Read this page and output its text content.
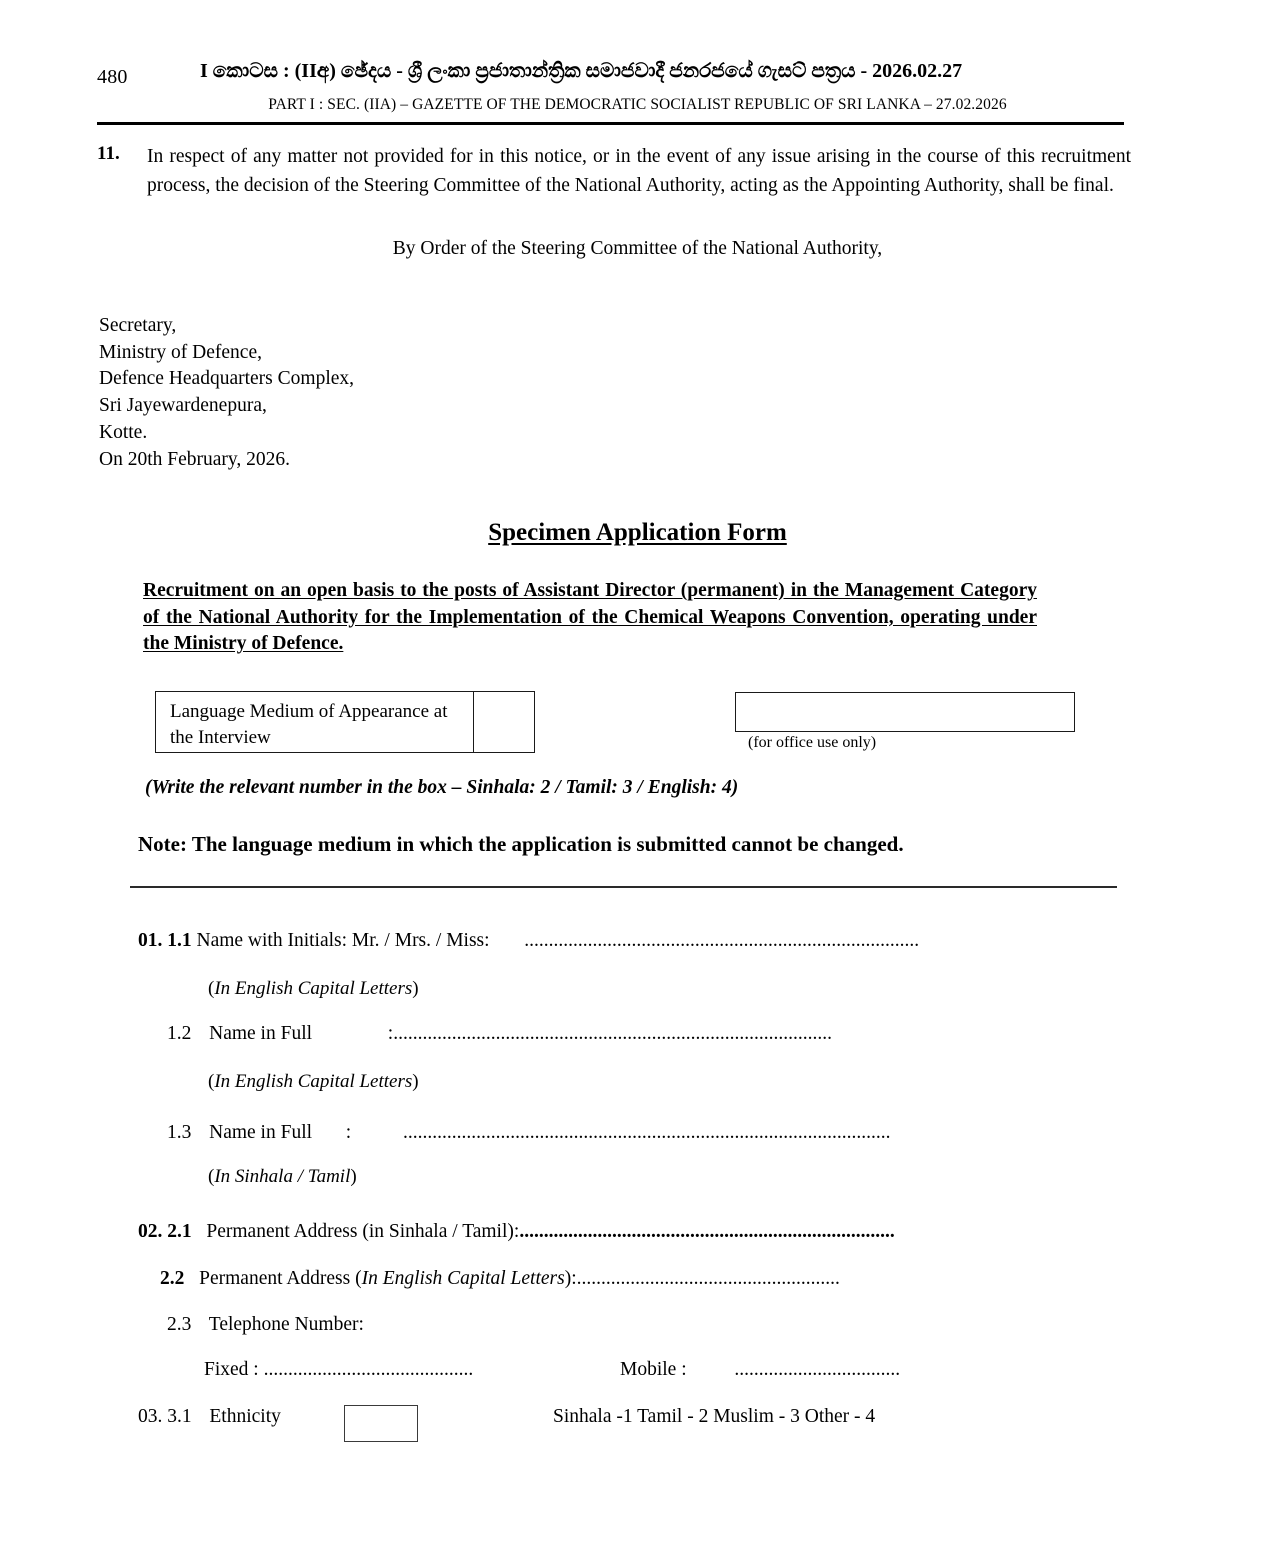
480	I කොටස : (IIඅ) ඡේදය - ශ්‍රී ලංකා ප්‍රජාතාන්ත්‍රික සමාජවාදී ජනරජයේ ගැසට් පත්‍රය - 2026.02.27
PART I : SEC. (IIA) – GAZETTE OF THE DEMOCRATIC SOCIALIST REPUBLIC OF SRI LANKA – 27.02.2026
11. In respect of any matter not provided for in this notice, or in the event of any issue arising in the course of this recruitment process, the decision of the Steering Committee of the National Authority, acting as the Appointing Authority, shall be final.
By Order of the Steering Committee of the National Authority,
Secretary,
Ministry of Defence,
Defence Headquarters Complex,
Sri Jayewardenepura,
Kotte.
On 20th February, 2026.
Specimen Application Form
Recruitment on an open basis to the posts of Assistant Director (permanent) in the Management Category of the National Authority for the Implementation of the Chemical Weapons Convention, operating under the Ministry of Defence.
Language Medium of Appearance at the Interview	(for office use only)
(Write the relevant number in the box – Sinhala: 2 / Tamil: 3 / English: 4)
Note: The language medium in which the application is submitted cannot be changed.
01. 1.1 Name with Initials: Mr. / Mrs. / Miss: .................................................................................
(In English Capital Letters)
1.2 Name in Full	:..........................................................................................
(In English Capital Letters)
1.3 Name in Full :	....................................................................................................
(In Sinhala / Tamil)
02. 2.1 Permanent Address (in Sinhala / Tamil):.............................................................................
2.2 Permanent Address (In English Capital Letters):......................................................
2.3 Telephone Number:
Fixed : ...........................................	Mobile : ..................................
03. 3.1 Ethnicity	Sinhala -1 Tamil - 2 Muslim - 3 Other - 4
